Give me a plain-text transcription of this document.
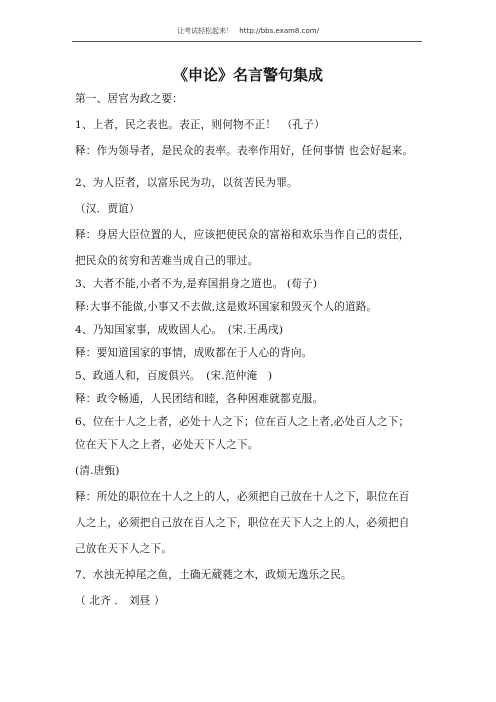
让考试轻松起来！ http://bbs.exam8.com/
《申论》名言警句集成

第一、居官为政之要：

1、上者，民之表也。表正，则何物不正！　（孔子）

释：作为领导者，是民众的表率。表率作用好，任何事情 也会好起来。

2、为人臣者，以富乐民为功，以贫苦民为罪。

（汉．贾谊）

释：身居大臣位置的人，应该把使民众的富裕和欢乐当作自己的责任，

把民众的贫穷和苦难当成自己的罪过。

3、大者不能,小者不为,是弃国捐身之道也。 (荀子)

释:大事不能做,小事又不去做,这是败坏国家和毁灭个人的道路。

4、乃知国家事，成败固人心。　(宋.王禹戌)

释：要知道国家的事情，成败都在于人心的背向。

5、政通人和，百废俱兴。　(宋.范仲淹　)

释：政令畅通，人民团结和睦，各种困难就都克服。

6、位在十人之上者，必处十人之下；位在百人之上者,必处百人之下；

位在天下人之上者，必处天下人之下。

(清.唐甄)

释：所处的职位在十人之上的人，必须把自己放在十人之下，职位在百

人之上，必须把自己放在百人之下，职位在天下人之上的人，必须把自

己放在天下人之下。

7、水浊无掉尾之鱼，土确无葳蕤之木，政烦无逸乐之民。

（ 北齐 ． 刘昼 ）
